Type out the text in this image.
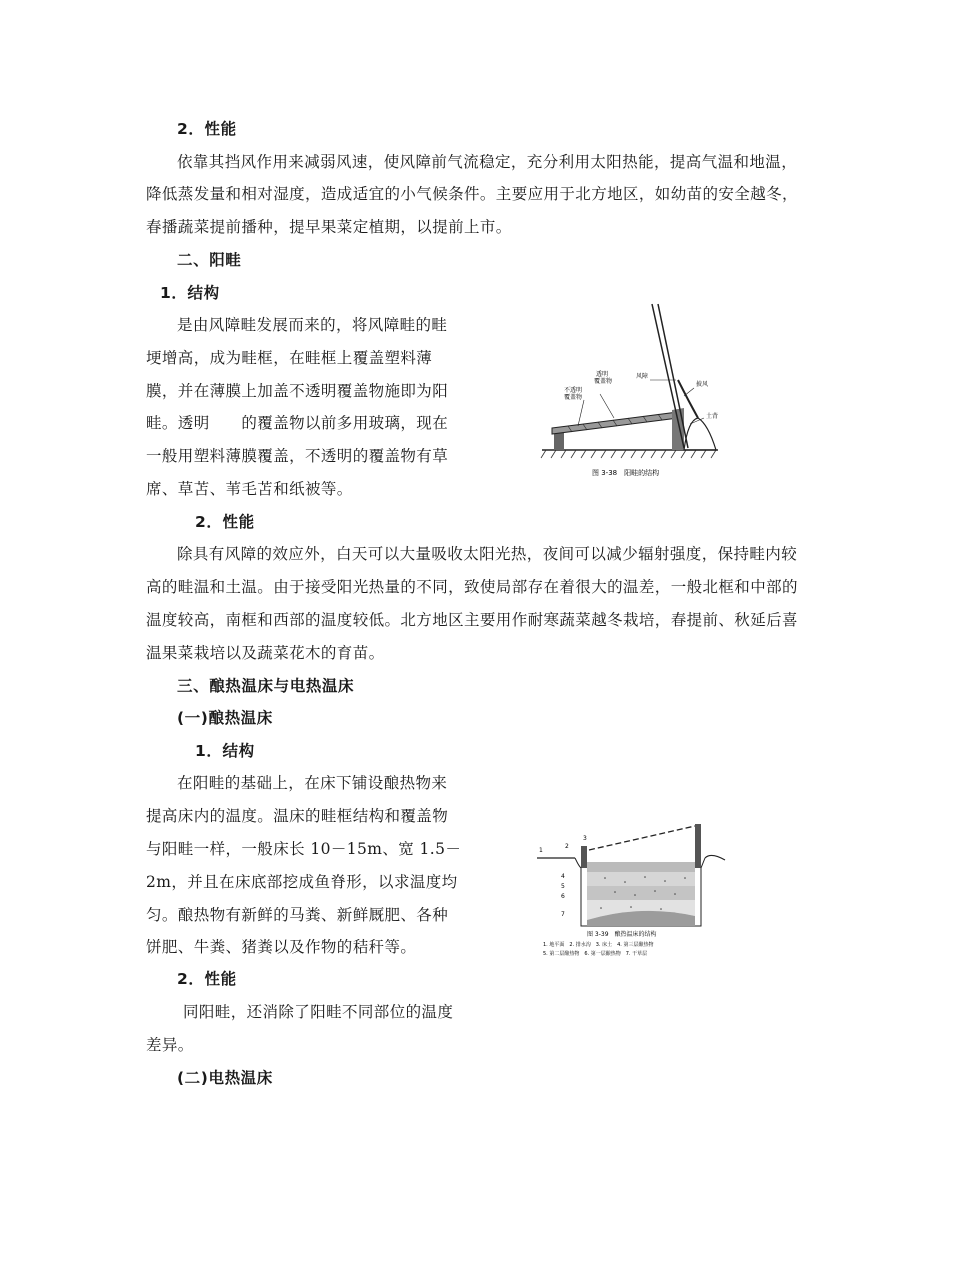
2．性能
依靠其挡风作用来减弱风速，使风障前气流稳定，充分利用太阳热能，提高气温和地温，
降低蒸发量和相对湿度，造成适宜的小气候条件。主要应用于北方地区，如幼苗的安全越冬，
春播蔬菜提前播种，提早果菜定植期，以提前上市。
二、阳畦
1．结构
是由风障畦发展而来的，将风障畦的畦
埂增高，成为畦框，在畦框上覆盖塑料薄
膜，并在薄膜上加盖不透明覆盖物施即为阳
畦。透明　　的覆盖物以前多用玻璃，现在
一般用塑料薄膜覆盖，不透明的覆盖物有草
席、草苫、苇毛苫和纸被等。
透明
覆盖物
不透明
覆盖物
风障
披风
土背
图 3-38　阳畦的结构
2．性能
除具有风障的效应外，白天可以大量吸收太阳光热，夜间可以减少辐射强度，保持畦内较
高的畦温和土温。由于接受阳光热量的不同，致使局部存在着很大的温差，一般北框和中部的
温度较高，南框和西部的温度较低。北方地区主要用作耐寒蔬菜越冬栽培，春提前、秋延后喜
温果菜栽培以及蔬菜花木的育苗。
三、酿热温床与电热温床
(一)酿热温床
1．结构
在阳畦的基础上，在床下铺设酿热物来
提高床内的温度。温床的畦框结构和覆盖物
与阳畦一样，一般床长 10－15m、宽 1.5－
2m，并且在床底部挖成鱼脊形，以求温度均
匀。酿热物有新鲜的马粪、新鲜厩肥、各种
饼肥、牛粪、猪粪以及作物的秸秆等。
1
2
3
4
5
6
7
图 3-39　酿热温床的结构
1. 地平面　2. 排水沟　3. 床土　4. 第三层酿热物
5. 第二层酿热物　6. 第一层酿热物　7. 干草层
2．性能
同阳畦，还消除了阳畦不同部位的温度
差异。
(二)电热温床
